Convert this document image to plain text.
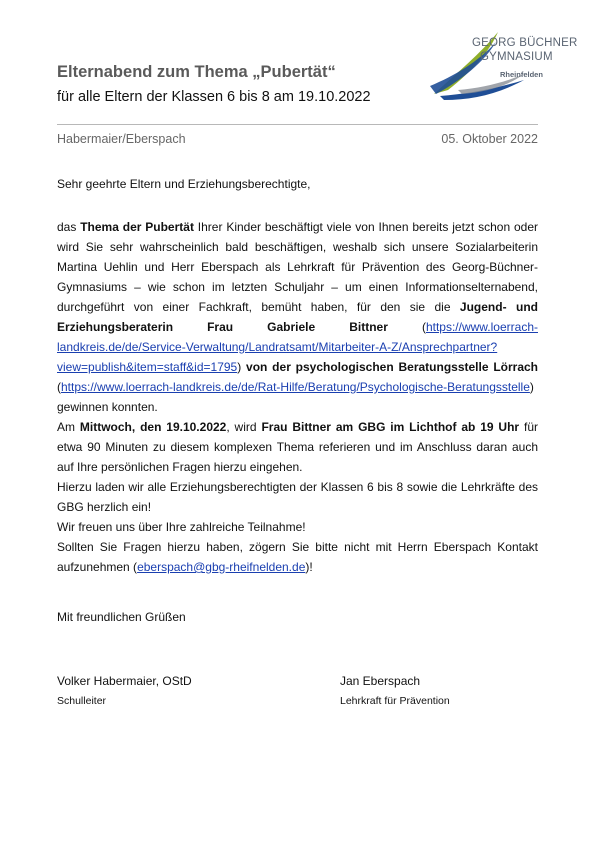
GEORG BÜCHNER
GYMNASIUM
Rheinfelden
Elternabend zum Thema „Pubertät“
für alle Eltern der Klassen 6 bis 8 am 19.10.2022
Habermaier/Eberspach	05. Oktober 2022

Sehr geehrte Eltern und Erziehungsberechtigte,

das Thema der Pubertät Ihrer Kinder beschäftigt viele von Ihnen bereits jetzt schon oder wird Sie sehr wahrscheinlich bald beschäftigen, weshalb sich unsere Sozialarbeiterin Martina Uehlin und Herr Eberspach als Lehrkraft für Prävention des Georg-Büchner-Gymnasiums – wie schon im letzten Schuljahr – um einen Informationselternabend, durchgeführt von einer Fachkraft, bemüht haben, für den sie die Jugend- und Erziehungsberaterin Frau Gabriele Bittner (https://www.loerrach-landkreis.de/de/Service-Verwaltung/Landratsamt/Mitarbeiter-A-Z/Ansprechpartner?view=publish&item=staff&id=1795) von der psychologischen Beratungsstelle Lörrach (https://www.loerrach-landkreis.de/de/Rat-Hilfe/Beratung/Psychologische-Beratungsstelle) gewinnen konnten.

Am Mittwoch, den 19.10.2022, wird Frau Bittner am GBG im Lichthof ab 19 Uhr für etwa 90 Minuten zu diesem komplexen Thema referieren und im Anschluss daran auch auf Ihre persönlichen Fragen hierzu eingehen.

Hierzu laden wir alle Erziehungsberechtigten der Klassen 6 bis 8 sowie die Lehrkräfte des GBG herzlich ein!

Wir freuen uns über Ihre zahlreiche Teilnahme!

Sollten Sie Fragen hierzu haben, zögern Sie bitte nicht mit Herrn Eberspach Kontakt aufzunehmen (eberspach@gbg-rheifnelden.de)!

Mit freundlichen Grüßen
Volker Habermaier, OStD
Schulleiter
Jan Eberspach
Lehrkraft für Prävention
